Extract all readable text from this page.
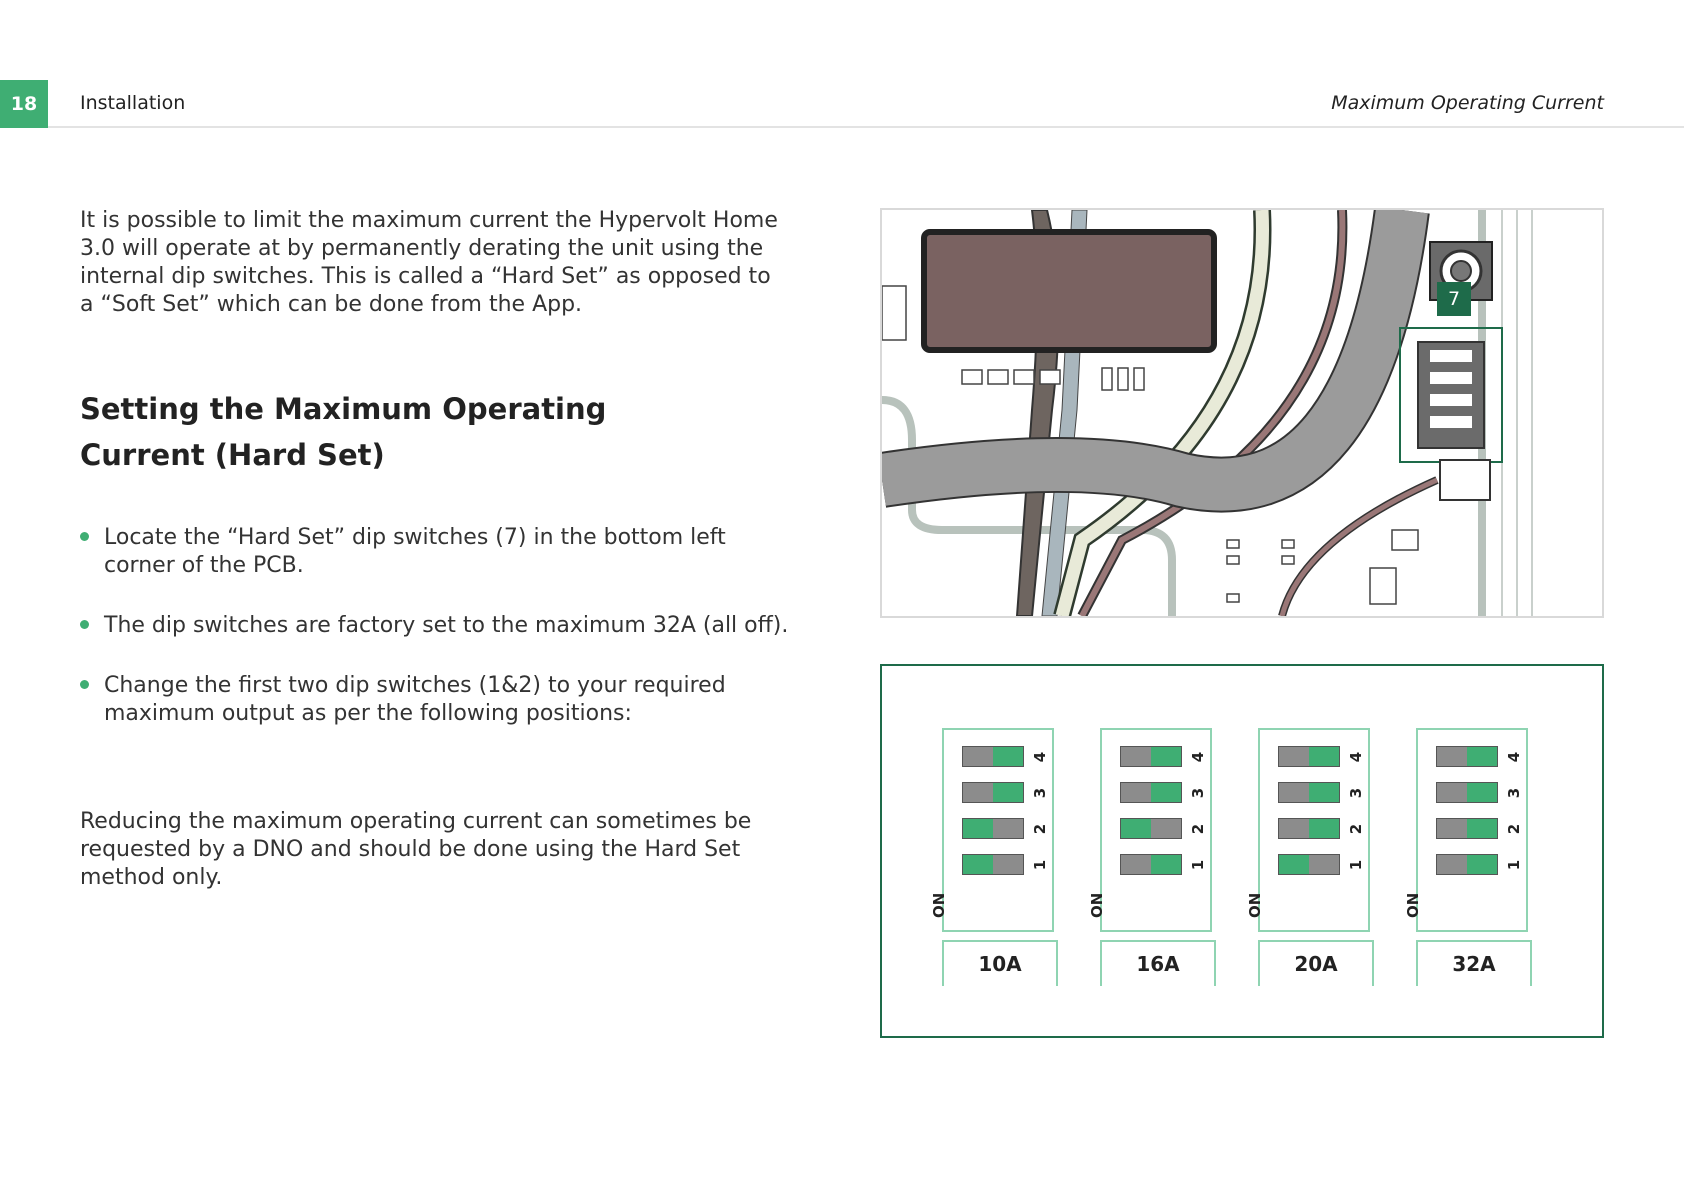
18	Installation	Maximum Operating Current

It is possible to limit the maximum current the Hypervolt Home 3.0 will operate at by permanently derating the unit using the internal dip switches. This is called a “Hard Set” as opposed to a “Soft Set” which can be done from the App.

Setting the Maximum Operating Current (Hard Set)
Locate the “Hard Set” dip switches (7) in the bottom left corner of the PCB.
The dip switches are factory set to the maximum 32A (all off).
Change the first two dip switches (1&2) to your required maximum output as per the following positions:

Reducing the maximum operating current can sometimes be requested by a DNO and should be done using the Hard Set method only.

7
4
3
2
1
ON
10A
4
3
2
1
ON
16A
4
3
2
1
ON
20A
4
3
2
1
ON
32A
